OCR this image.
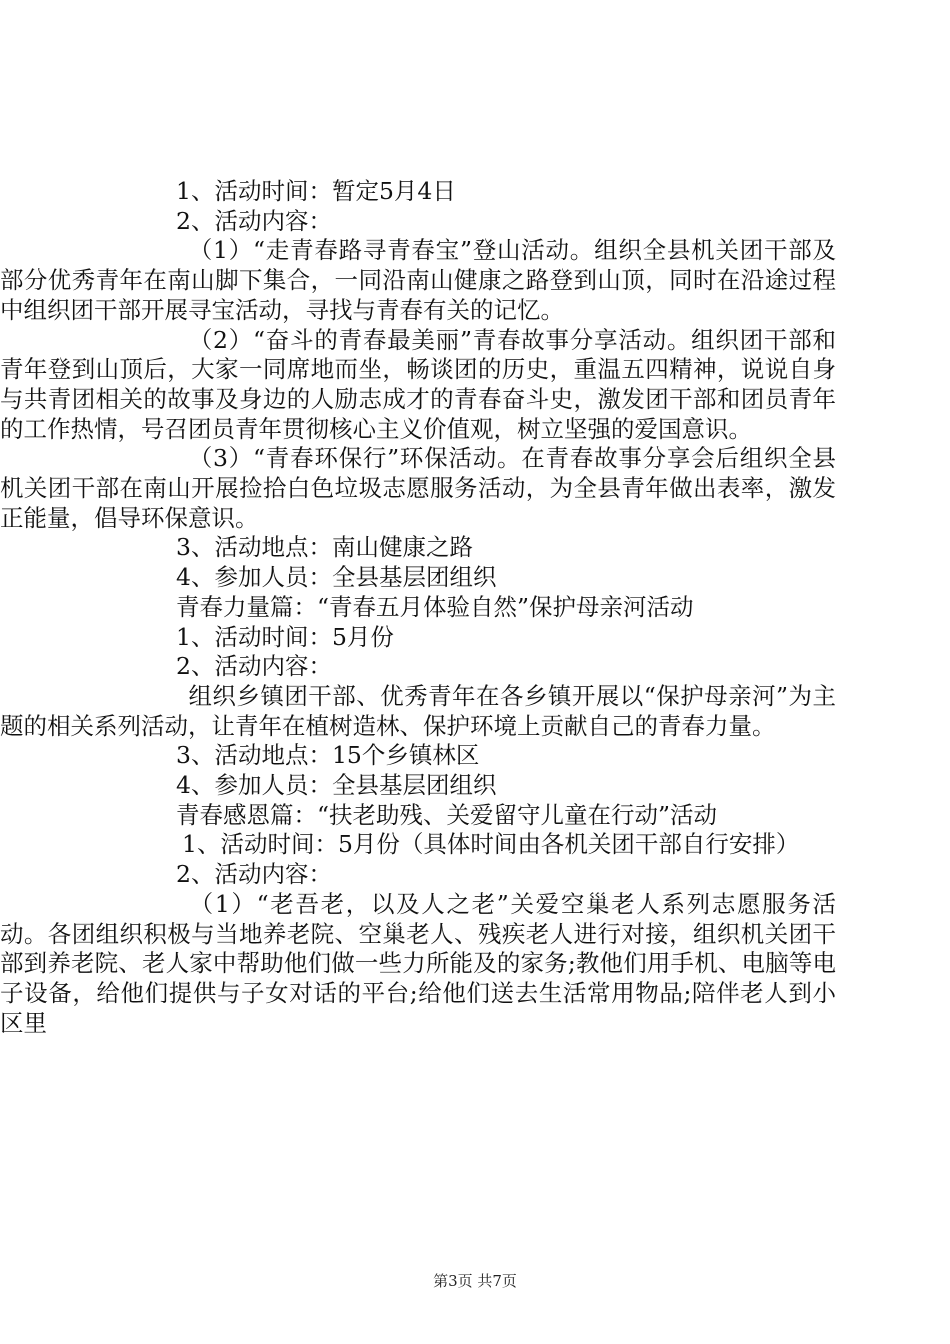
1、活动时间：暂定5月4日

2、活动内容：

（1）“走青春路寻青春宝”登山活动。组织全县机关团干部及部分优秀青年在南山脚下集合，一同沿南山健康之路登到山顶，同时在沿途过程中组织团干部开展寻宝活动，寻找与青春有关的记忆。

（2）“奋斗的青春最美丽”青春故事分享活动。组织团干部和青年登到山顶后，大家一同席地而坐，畅谈团的历史，重温五四精神，说说自身与共青团相关的故事及身边的人励志成才的青春奋斗史，激发团干部和团员青年的工作热情，号召团员青年贯彻核心主义价值观，树立坚强的爱国意识。

（3）“青春环保行”环保活动。在青春故事分享会后组织全县机关团干部在南山开展捡拾白色垃圾志愿服务活动，为全县青年做出表率，激发正能量，倡导环保意识。

3、活动地点：南山健康之路

4、参加人员：全县基层团组织

青春力量篇：“青春五月体验自然”保护母亲河活动

1、活动时间：5月份

2、活动内容：

组织乡镇团干部、优秀青年在各乡镇开展以“保护母亲河”为主题的相关系列活动，让青年在植树造林、保护环境上贡献自己的青春力量。

3、活动地点：15个乡镇林区

4、参加人员：全县基层团组织

青春感恩篇：“扶老助残、关爱留守儿童在行动”活动

1、活动时间：5月份（具体时间由各机关团干部自行安排）

2、活动内容：

（1）“老吾老，以及人之老”关爱空巢老人系列志愿服务活动。各团组织积极与当地养老院、空巢老人、残疾老人进行对接，组织机关团干部到养老院、老人家中帮助他们做一些力所能及的家务;教他们用手机、电脑等电子设备，给他们提供与子女对话的平台;给他们送去生活常用物品;陪伴老人到小区里

第3页 共7页
